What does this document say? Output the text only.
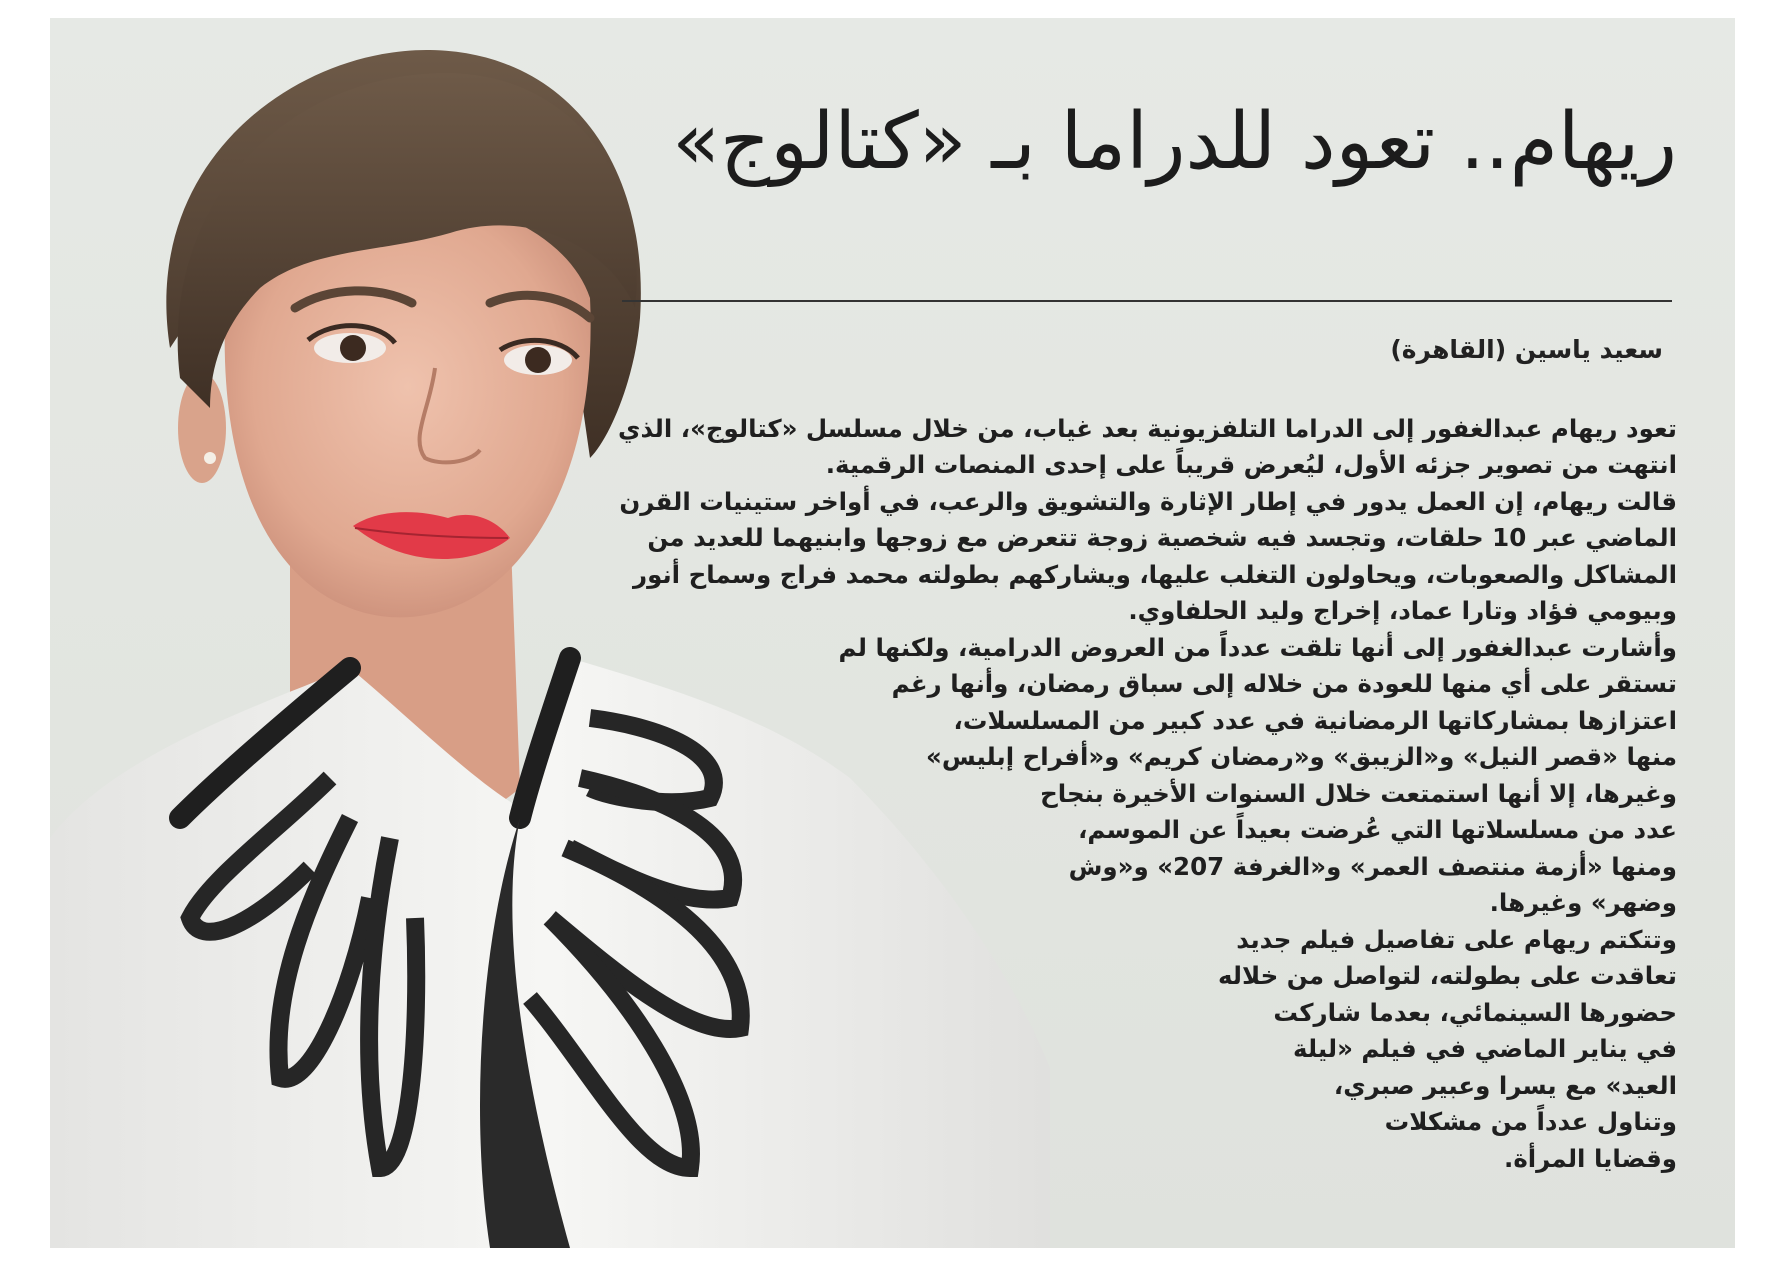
ريهام.. تعود للدراما بـ «كتالوج»

سعيد ياسين (القاهرة)

تعود ريهام عبدالغفور إلى الدراما التلفزيونية بعد غياب، من خلال مسلسل «كتالوج»، الذي

انتهت من تصوير جزئه الأول، ليُعرض قريباً على إحدى المنصات الرقمية.

قالت ريهام، إن العمل يدور في إطار الإثارة والتشويق والرعب، في أواخر ستينيات القرن

الماضي عبر 10 حلقات، وتجسد فيه شخصية زوجة تتعرض مع زوجها وابنيهما للعديد من

المشاكل والصعوبات، ويحاولون التغلب عليها، ويشاركهم بطولته محمد فراج وسماح أنور

وبيومي فؤاد وتارا عماد، إخراج وليد الحلفاوي.

وأشارت عبدالغفور إلى أنها تلقت عدداً من العروض الدرامية، ولكنها لم

تستقر على أي منها للعودة من خلاله إلى سباق رمضان، وأنها رغم

اعتزازها بمشاركاتها الرمضانية في عدد كبير من المسلسلات،

منها «قصر النيل» و«الزيبق» و«رمضان كريم» و«أفراح إبليس»

وغيرها، إلا أنها استمتعت خلال السنوات الأخيرة بنجاح

عدد من مسلسلاتها التي عُرضت بعيداً عن الموسم،

ومنها «أزمة منتصف العمر» و«الغرفة 207» و«وش

وضهر» وغيرها.

وتتكتم ريهام على تفاصيل فيلم جديد

تعاقدت على بطولته، لتواصل من خلاله

حضورها السينمائي، بعدما شاركت

في يناير الماضي في فيلم «ليلة

العيد» مع يسرا وعبير صبري،

وتناول عدداً من مشكلات

وقضايا المرأة.
